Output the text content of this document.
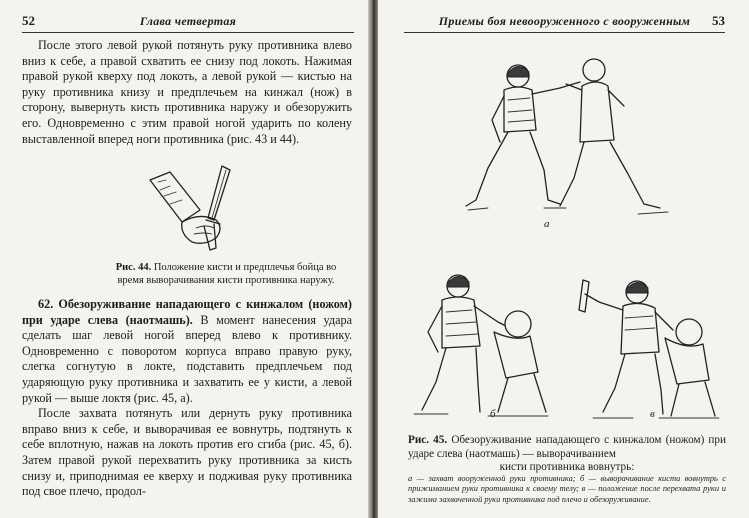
52	Глава четвертая

После этого левой рукой потянуть руку противника влево вниз к себе, а правой схватить ее снизу под локоть. Нажимая правой рукой кверху под локоть, а левой рукой — кистью на руку противника книзу и предплечьем на кинжал (нож) в сторону, вывернуть кисть противника наружу и обезоружить его. Одновременно с этим правой ногой ударить по колену выставленной вперед ноги противника (рис. 43 и 44).

Рис. 44. Положение кисти и предплечья бойца во время выворачивания кисти противника наружу.

62. Обезоруживание нападающего с кинжалом (ножом) при ударе слева (наотмашь). В момент нанесения удара сделать шаг левой ногой вперед влево к противнику. Одновременно с поворотом корпуса вправо правую руку, слегка согнутую в локте, подставить предплечьем под ударяющую руку противника и захватить ее у кисти, а левой рукой — выше локтя (рис. 45, а).

После захвата потянуть или дернуть руку противника вправо вниз к себе, и выворачивая ее вовнутрь, подтянуть к себе вплотную, нажав на локоть против его сгиба (рис. 45, б). Затем правой рукой перехватить руку противника за кисть снизу и, приподнимая ее кверху и подживая руку противника под свое плечо, продол-

Приемы боя невооруженного с вооруженным	53
а
б	в
Рис. 45. Обезоруживание нападающего с кинжалом (ножом) при ударе слева (наотмашь) — выворачиванием
кисти противника вовнутрь:
а — захват вооруженной руки противника; б — выворачивание кисти вовнутрь с прижиманием руки противника к своему телу; в — положение после перехвата руки и зажима захваченной руки противника под плечо и обезоруживание.
